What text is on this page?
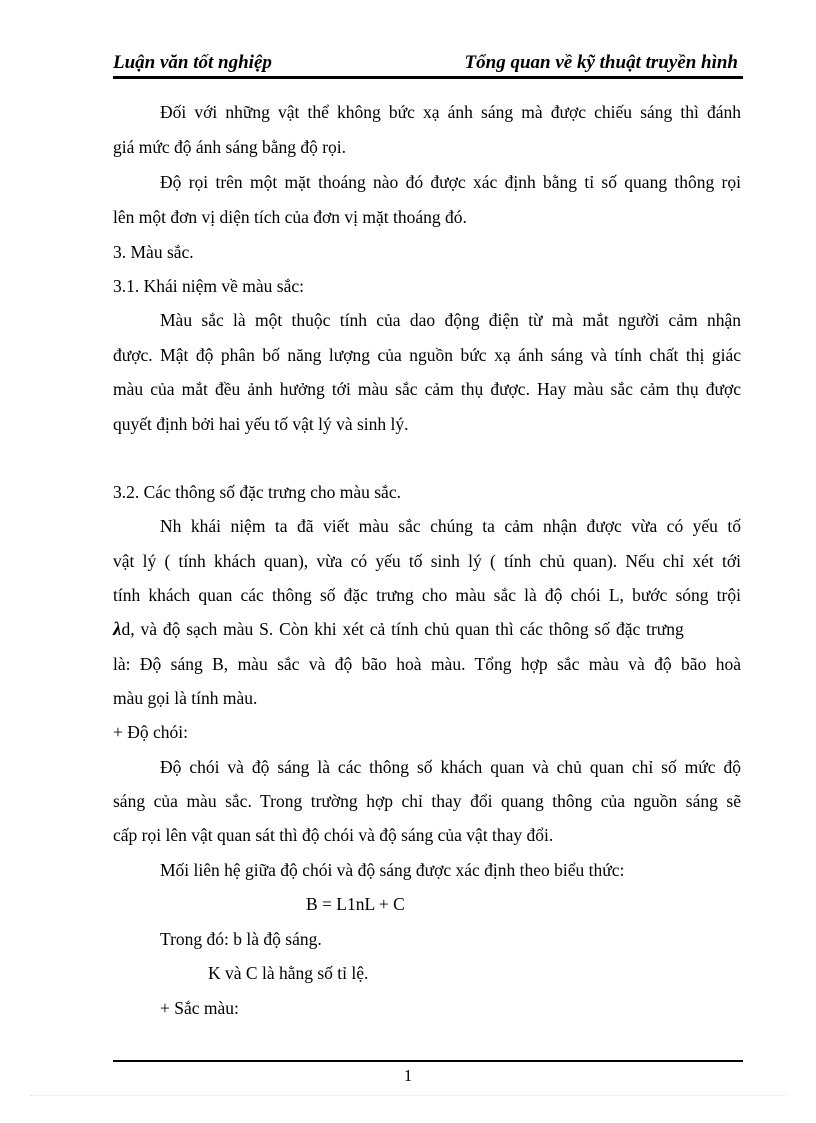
Luận văn tốt nghiệp	Tổng quan về kỹ thuật truyền hình
Đối với những vật thể không bức xạ ánh sáng mà được chiếu sáng thì đánh
giá mức độ ánh sáng bằng độ rọi.
Độ rọi trên một mặt thoáng nào đó được xác định bằng tỉ số quang thông rọi
lên một đơn vị diện tích của đơn vị mặt thoáng đó.
3. Màu sắc.
3.1. Khái niệm về màu sắc:
Màu sắc là một thuộc tính của dao động điện từ mà mắt người cảm nhận
được. Mật độ phân bố năng lượng của nguồn bức xạ ánh sáng và tính chất thị giác
màu của mắt đều ảnh hưởng tới màu sắc cảm thụ được. Hay màu sắc cảm thụ được
quyết định bởi hai yếu tố vật lý và sinh lý.
3.2. Các thông số đặc trưng cho màu sắc.
Nh khái niệm ta đã viết màu sắc chúng ta cảm nhận được vừa có yếu tố
vật lý ( tính khách quan), vừa có yếu tố sinh lý ( tính chủ quan). Nếu chỉ xét tới
tính khách quan các thông số đặc trưng cho màu sắc là độ chói L, bước sóng trội
λd, và độ sạch màu S. Còn khi xét cả tính chủ quan thì các thông số đặc trưng
là: Độ sáng B, màu sắc và độ bão hoà màu. Tổng hợp sắc màu và độ bão hoà
màu gọi là tính màu.
+ Độ chói:
Độ chói và độ sáng là các thông số khách quan và chủ quan chỉ số mức độ
sáng của màu sắc. Trong trường hợp chỉ thay đổi quang thông của nguồn sáng sẽ
cấp rọi lên vật quan sát thì độ chói và độ sáng của vật thay đổi.
Mối liên hệ giữa độ chói và độ sáng được xác định theo biểu thức:
B = L1nL + C
Trong đó: b là độ sáng.
K và C là hằng số tỉ lệ.
+ Sắc màu:
1
